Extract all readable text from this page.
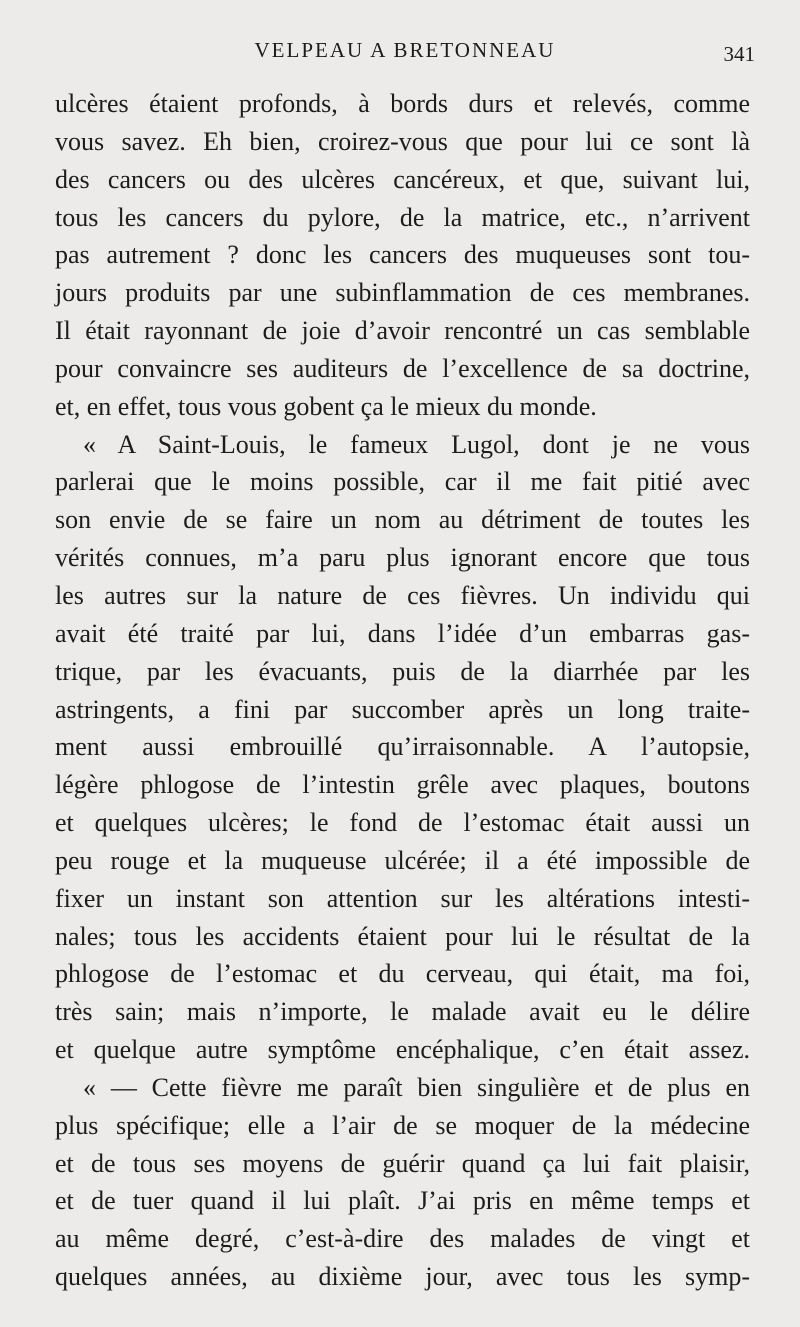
VELPEAU A BRETONNEAU	341
ulcères étaient profonds, à bords durs et relevés, comme
vous savez. Eh bien, croirez-vous que pour lui ce sont là
des cancers ou des ulcères cancéreux, et que, suivant lui,
tous les cancers du pylore, de la matrice, etc., n’arrivent
pas autrement ? donc les cancers des muqueuses sont tou-
jours produits par une subinflammation de ces membranes.
Il était rayonnant de joie d’avoir rencontré un cas semblable
pour convaincre ses auditeurs de l’excellence de sa doctrine,
et, en effet, tous vous gobent ça le mieux du monde.
« A Saint-Louis, le fameux Lugol, dont je ne vous
parlerai que le moins possible, car il me fait pitié avec
son envie de se faire un nom au détriment de toutes les
vérités connues, m’a paru plus ignorant encore que tous
les autres sur la nature de ces fièvres. Un individu qui
avait été traité par lui, dans l’idée d’un embarras gas-
trique, par les évacuants, puis de la diarrhée par les
astringents, a fini par succomber après un long traite-
ment aussi embrouillé qu’irraisonnable. A l’autopsie,
légère phlogose de l’intestin grêle avec plaques, boutons
et quelques ulcères; le fond de l’estomac était aussi un
peu rouge et la muqueuse ulcérée; il a été impossible de
fixer un instant son attention sur les altérations intesti-
nales; tous les accidents étaient pour lui le résultat de la
phlogose de l’estomac et du cerveau, qui était, ma foi,
très sain; mais n’importe, le malade avait eu le délire
et quelque autre symptôme encéphalique, c’en était assez.
« — Cette fièvre me paraît bien singulière et de plus en
plus spécifique; elle a l’air de se moquer de la médecine
et de tous ses moyens de guérir quand ça lui fait plaisir,
et de tuer quand il lui plaît. J’ai pris en même temps et
au même degré, c’est-à-dire des malades de vingt et
quelques années, au dixième jour, avec tous les symp-
